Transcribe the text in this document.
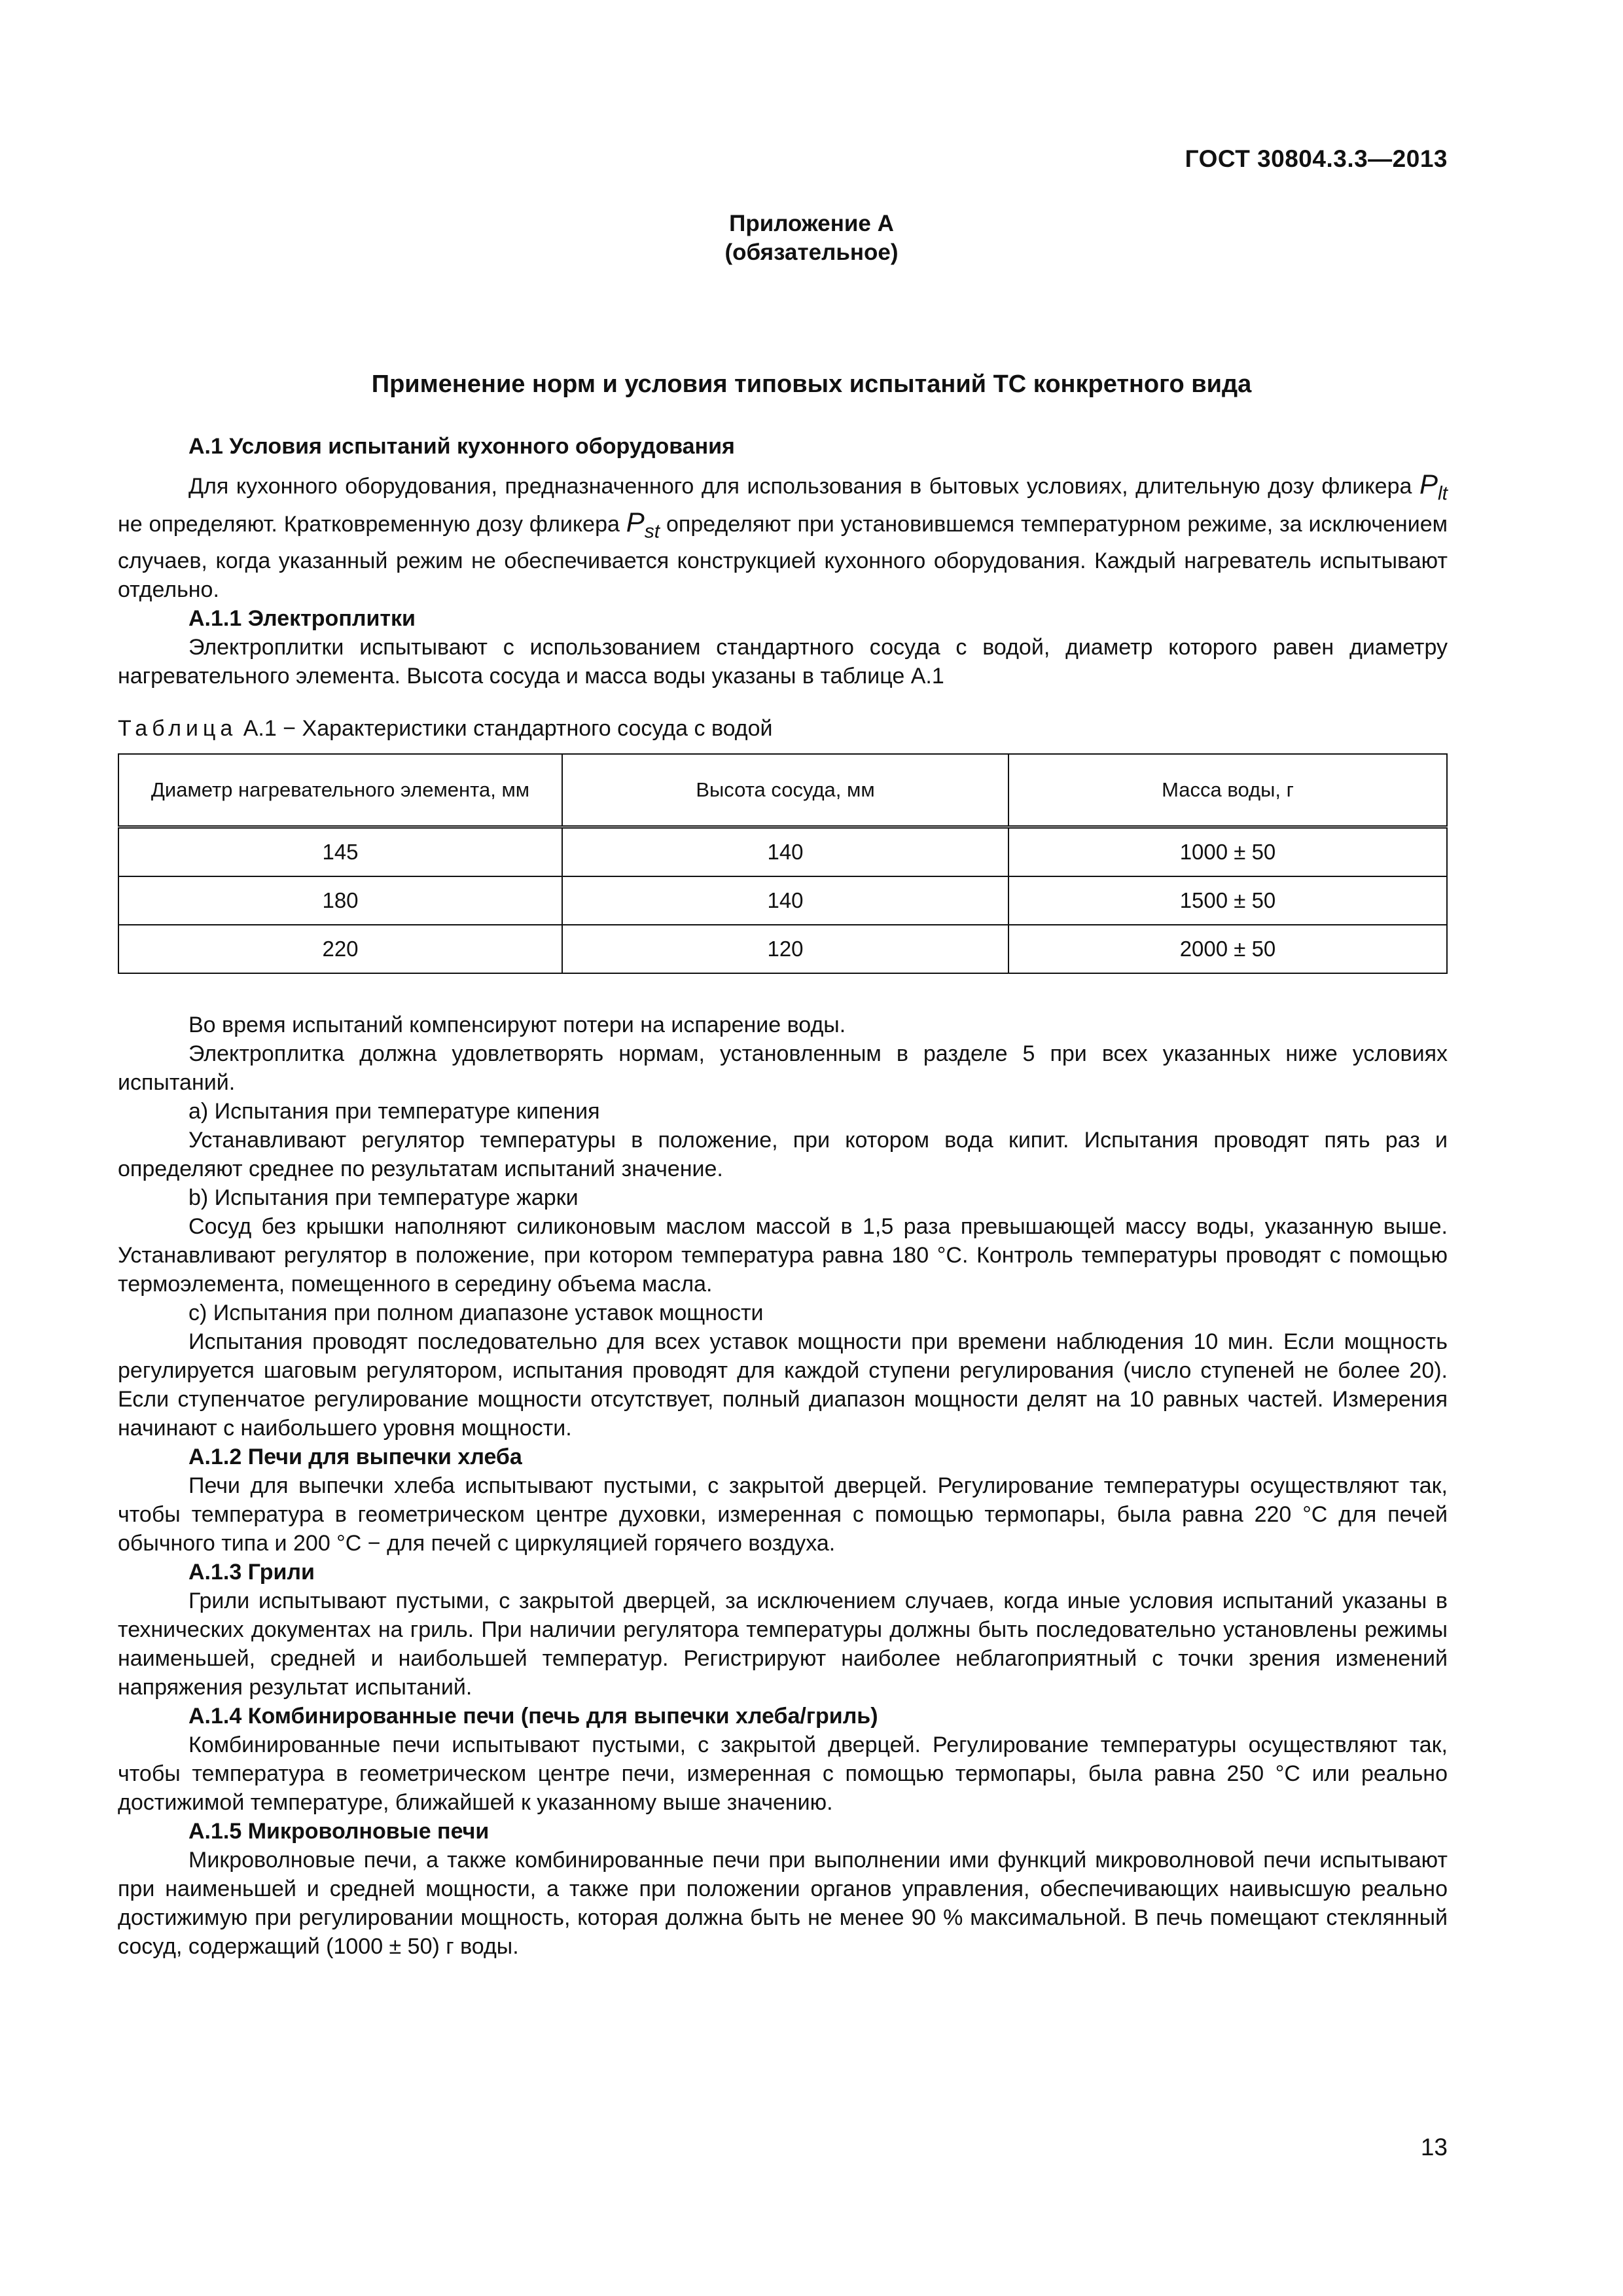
ГОСТ 30804.3.3—2013
Приложение А
(обязательное)
Применение норм и условия типовых испытаний ТС конкретного вида

А.1 Условия испытаний кухонного оборудования

Для кухонного оборудования, предназначенного для использования в бытовых условиях, длительную дозу фликера $P_{lt}$ не определяют. Кратковременную дозу фликера $P_{st}$ определяют при установившемся температурном режиме, за исключением случаев, когда указанный режим не обеспечивается конструкцией кухонного оборудования. Каждый нагреватель испытывают отдельно.

А.1.1 Электроплитки

Электроплитки испытывают с использованием стандартного сосуда с водой, диаметр которого равен диаметру нагревательного элемента. Высота сосуда и масса воды указаны в таблице А.1

Таблица А.1 − Характеристики стандартного сосуда с водой

Диаметр нагревательного элемента, мм	Высота сосуда, мм	Масса воды, г
145	140	1000 ± 50
180	140	1500 ± 50
220	120	2000 ± 50

Во время испытаний компенсируют потери на испарение воды.

Электроплитка должна удовлетворять нормам, установленным в разделе 5 при всех указанных ниже условиях испытаний.

а) Испытания при температуре кипения

Устанавливают регулятор температуры в положение, при котором вода кипит. Испытания проводят пять раз и определяют среднее по результатам испытаний значение.

b) Испытания при температуре жарки

Сосуд без крышки наполняют силиконовым маслом массой в 1,5 раза превышающей массу воды, указанную выше. Устанавливают регулятор в положение, при котором температура равна 180 °С. Контроль температуры проводят с помощью термоэлемента, помещенного в середину объема масла.

с) Испытания при полном диапазоне уставок мощности

Испытания проводят последовательно для всех уставок мощности при времени наблюдения 10 мин. Если мощность регулируется шаговым регулятором, испытания проводят для каждой ступени регулирования (число ступеней не более 20). Если ступенчатое регулирование мощности отсутствует, полный диапазон мощности делят на 10 равных частей. Измерения начинают с наибольшего уровня мощности.

А.1.2 Печи для выпечки хлеба

Печи для выпечки хлеба испытывают пустыми, с закрытой дверцей. Регулирование температуры осуществляют так, чтобы температура в геометрическом центре духовки, измеренная с помощью термопары, была равна 220 °С для печей обычного типа и 200 °С − для печей с циркуляцией горячего воздуха.

А.1.3 Грили

Грили испытывают пустыми, с закрытой дверцей, за исключением случаев, когда иные условия испытаний указаны в технических документах на гриль. При наличии регулятора температуры должны быть последовательно установлены режимы наименьшей, средней и наибольшей температур. Регистрируют наиболее неблагоприятный с точки зрения изменений напряжения результат испытаний.

А.1.4 Комбинированные печи (печь для выпечки хлеба/гриль)

Комбинированные печи испытывают пустыми, с закрытой дверцей. Регулирование температуры осуществляют так, чтобы температура в геометрическом центре печи, измеренная с помощью термопары, была равна 250 °С или реально достижимой температуре, ближайшей к указанному выше значению.

А.1.5 Микроволновые печи

Микроволновые печи, а также комбинированные печи при выполнении ими функций микроволновой печи испытывают при наименьшей и средней мощности, а также при положении органов управления, обеспечивающих наивысшую реально достижимую при регулировании мощность, которая должна быть не менее 90 % максимальной. В печь помещают стеклянный сосуд, содержащий (1000 ± 50) г воды.

13
